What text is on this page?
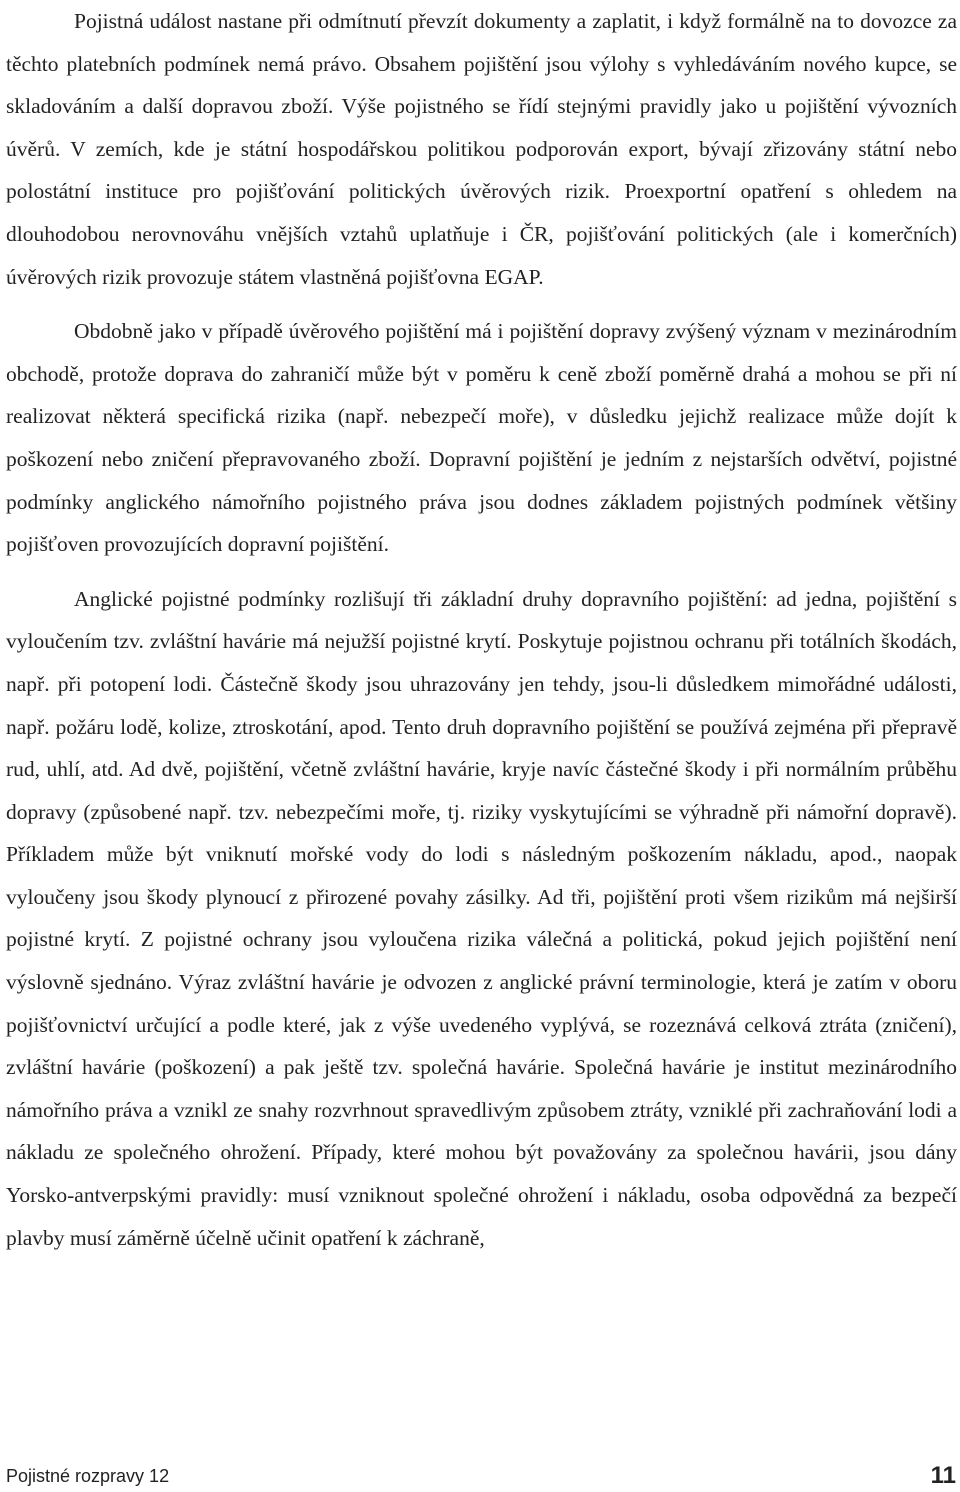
Pojistná událost nastane při odmítnutí převzít dokumenty a zaplatit, i když formálně na to dovozce za těchto platebních podmínek nemá právo. Obsahem pojištění jsou výlohy s vyhledáváním nového kupce, se skladováním a další dopravou zboží. Výše pojistného se řídí stejnými pravidly jako u pojištění vývozních úvěrů. V zemích, kde je státní hospodářskou politikou podporován export, bývají zřizovány státní nebo polostátní instituce pro pojišťování politických úvěrových rizik. Proexportní opatření s ohledem na dlouhodobou nerovnováhu vnějších vztahů uplatňuje i ČR, pojišťování politických (ale i komerčních) úvěrových rizik provozuje státem vlastněná pojišťovna EGAP.

Obdobně jako v případě úvěrového pojištění má i pojištění dopravy zvýšený význam v mezinárodním obchodě, protože doprava do zahraničí může být v poměru k ceně zboží poměrně drahá a mohou se při ní realizovat některá specifická rizika (např. nebezpečí moře), v důsledku jejichž realizace může dojít k poškození nebo zničení přepravovaného zboží. Dopravní pojištění je jedním z nejstarších odvětví, pojistné podmínky anglického námořního pojistného práva jsou dodnes základem pojistných podmínek většiny pojišťoven provozujících dopravní pojištění.

Anglické pojistné podmínky rozlišují tři základní druhy dopravního pojištění: ad jedna, pojištění s vyloučením tzv. zvláštní havárie má nejužší pojistné krytí. Poskytuje pojistnou ochranu při totálních škodách, např. při potopení lodi. Částečně škody jsou uhrazovány jen tehdy, jsou-li důsledkem mimořádné události, např. požáru lodě, kolize, ztroskotání, apod. Tento druh dopravního pojištění se používá zejména při přepravě rud, uhlí, atd. Ad dvě, pojištění, včetně zvláštní havárie, kryje navíc částečné škody i při normálním průběhu dopravy (způsobené např. tzv. nebezpečími moře, tj. riziky vyskytujícími se výhradně při námořní dopravě). Příkladem může být vniknutí mořské vody do lodi s následným poškozením nákladu, apod., naopak vyloučeny jsou škody plynoucí z přirozené povahy zásilky. Ad tři, pojištění proti všem rizikům má nejširší pojistné krytí. Z pojistné ochrany jsou vyloučena rizika válečná a politická, pokud jejich pojištění není výslovně sjednáno. Výraz zvláštní havárie je odvozen z anglické právní terminologie, která je zatím v oboru pojišťovnictví určující a podle které, jak z výše uvedeného vyplývá, se rozeznává celková ztráta (zničení), zvláštní havárie (poškození) a pak ještě tzv. společná havárie. Společná havárie je institut mezinárodního námořního práva a vznikl ze snahy rozvrhnout spravedlivým způsobem ztráty, vzniklé při zachraňování lodi a nákladu ze společného ohrožení. Případy, které mohou být považovány za společnou havárii, jsou dány Yorsko-antverpskými pravidly: musí vzniknout společné ohrožení i nákladu, osoba odpovědná za bezpečí plavby musí záměrně účelně učinit opatření k záchraně,

Pojistné rozpravy 12	11
